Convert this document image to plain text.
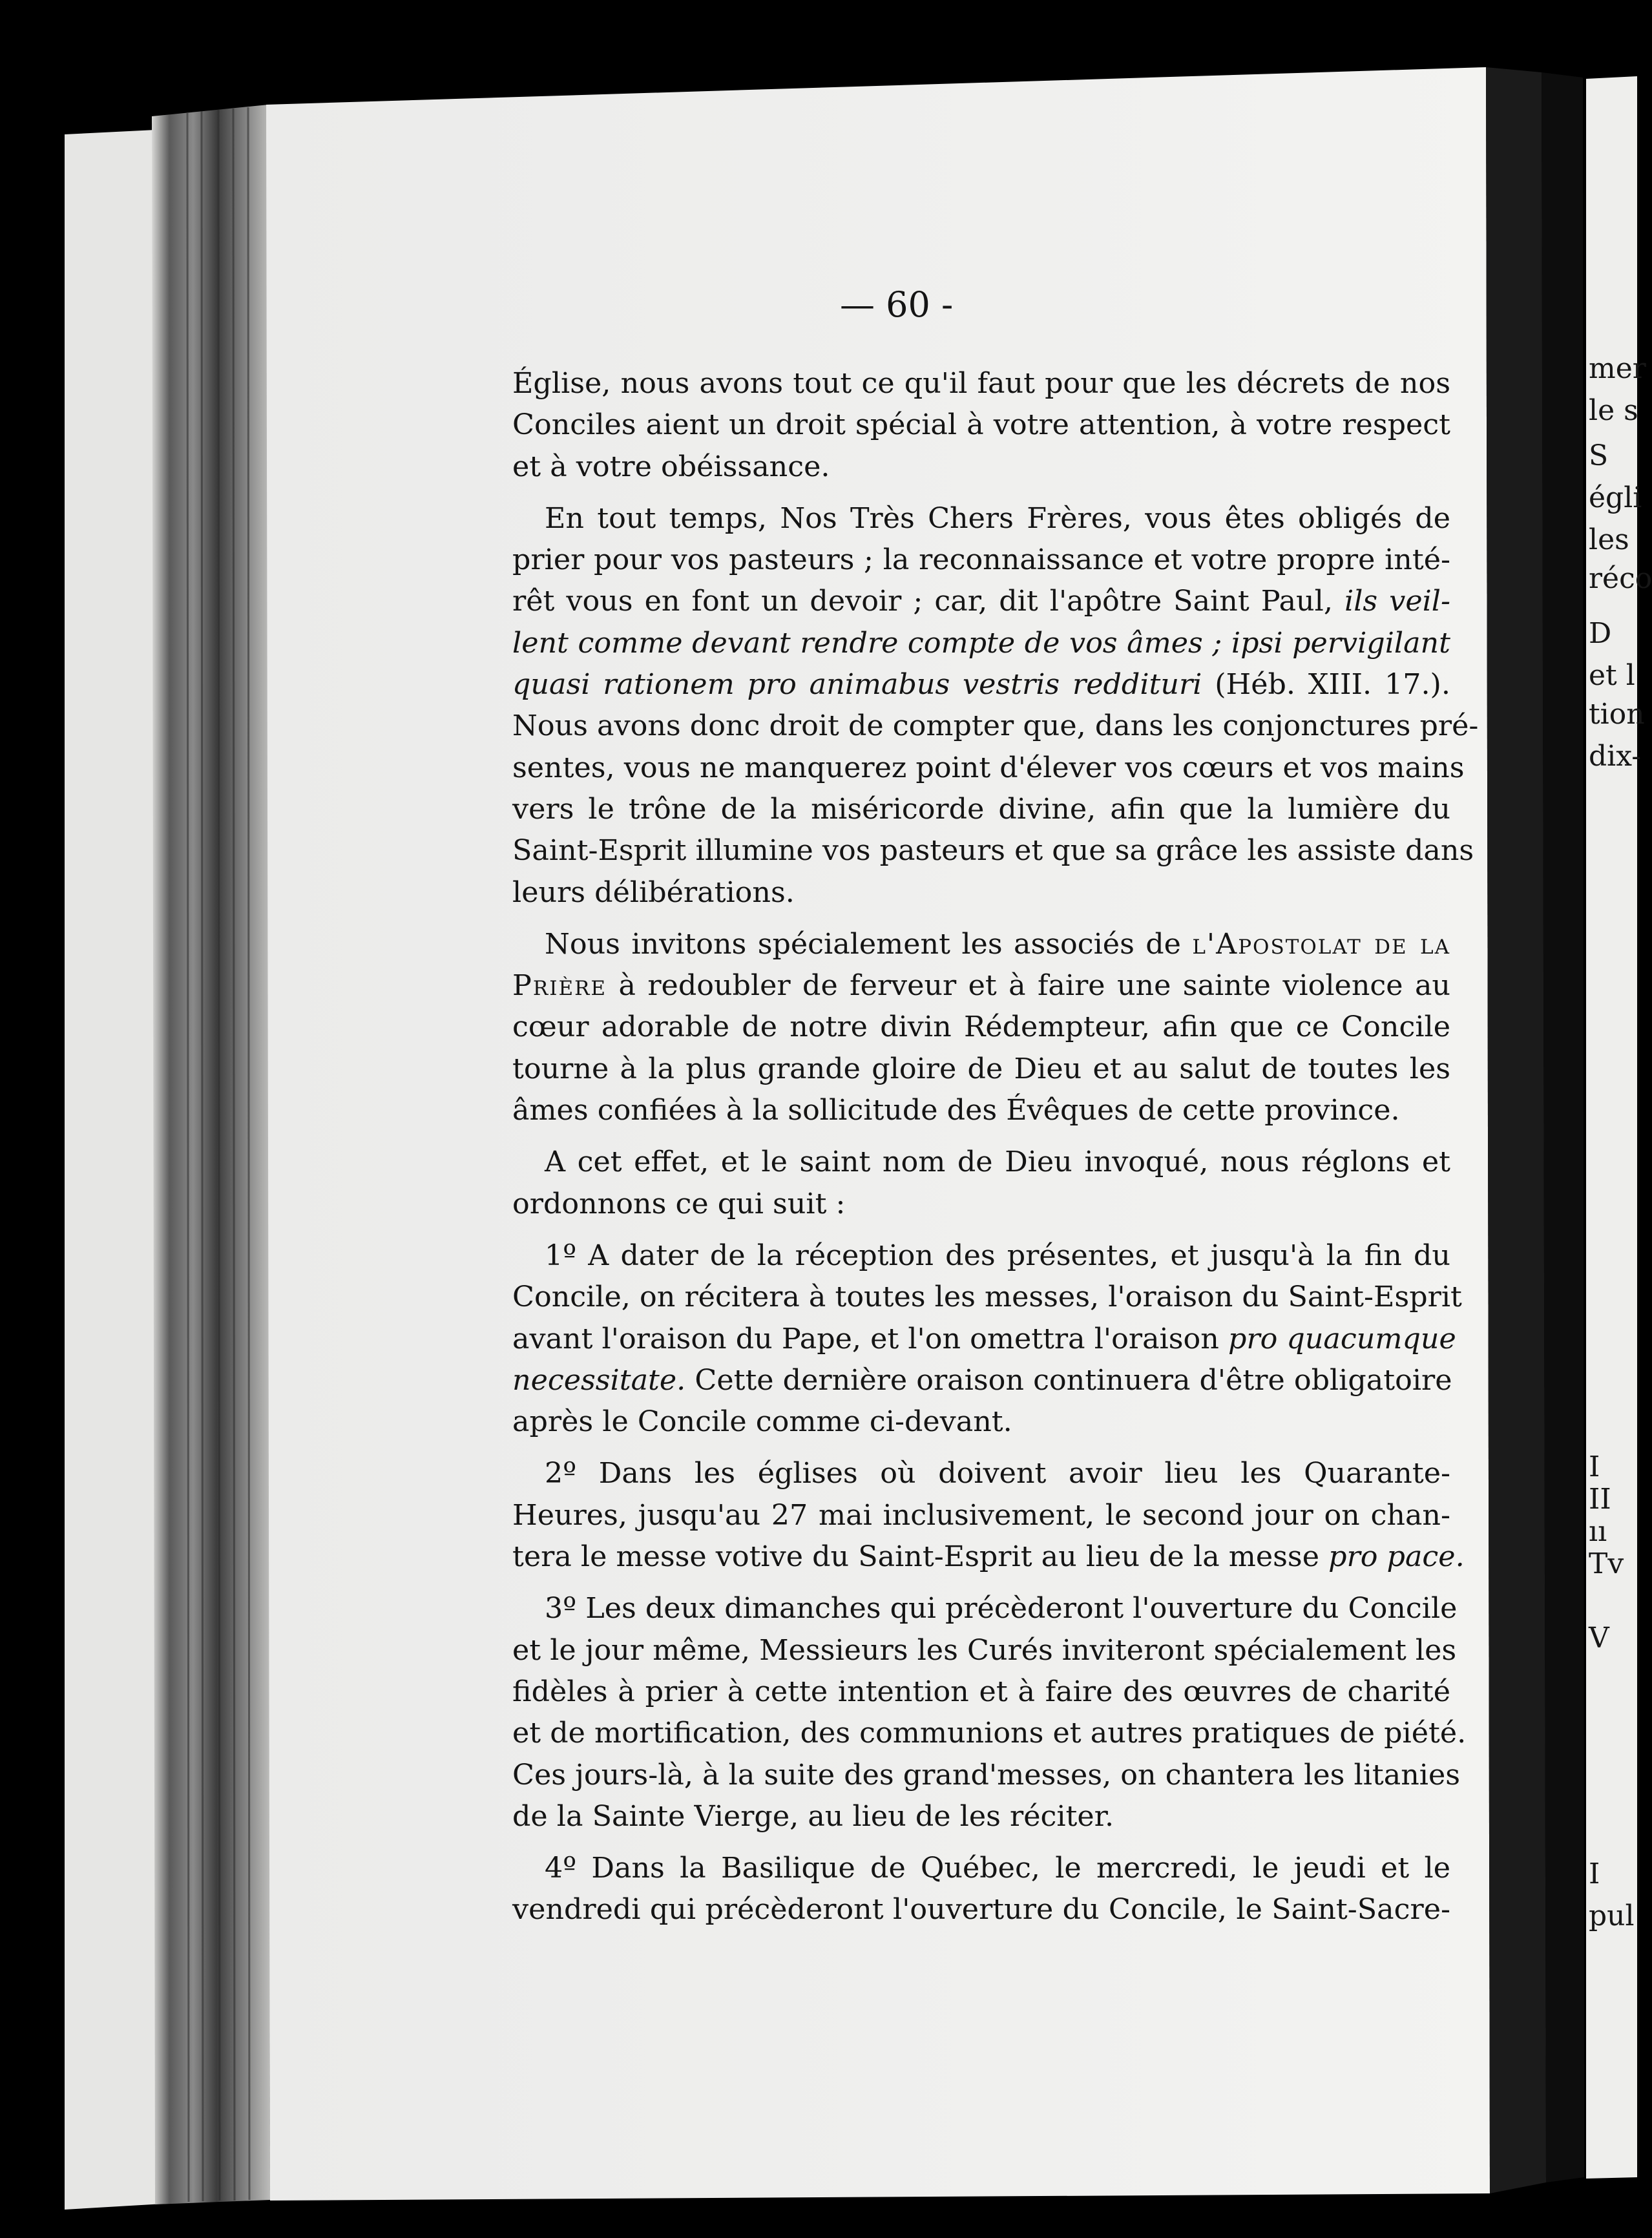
— 60 -
Église, nous avons tout ce qu'il faut pour que les décrets de nos
Conciles aient un droit spécial à votre attention, à votre respect
et à votre obéissance.
En tout temps, Nos Très Chers Frères, vous êtes obligés de
prier pour vos pasteurs ; la reconnaissance et votre propre inté-
rêt vous en font un devoir ; car, dit l'apôtre Saint Paul, ils veil-
lent comme devant rendre compte de vos âmes ; ipsi pervigilant
quasi rationem pro animabus vestris reddituri (Héb. XIII. 17.).
Nous avons donc droit de compter que, dans les conjonctures pré-
sentes, vous ne manquerez point d'élever vos cœurs et vos mains
vers le trône de la miséricorde divine, afin que la lumière du
Saint-Esprit illumine vos pasteurs et que sa grâce les assiste dans
leurs délibérations.
Nous invitons spécialement les associés de l'Apostolat de la
Prière à redoubler de ferveur et à faire une sainte violence au
cœur adorable de notre divin Rédempteur, afin que ce Concile
tourne à la plus grande gloire de Dieu et au salut de toutes les
âmes confiées à la sollicitude des Évêques de cette province.
A cet effet, et le saint nom de Dieu invoqué, nous réglons et
ordonnons ce qui suit :
1º A dater de la réception des présentes, et jusqu'à la fin du
Concile, on récitera à toutes les messes, l'oraison du Saint-Esprit
avant l'oraison du Pape, et l'on omettra l'oraison pro quacumque
necessitate. Cette dernière oraison continuera d'être obligatoire
après le Concile comme ci-devant.
2º Dans les églises où doivent avoir lieu les Quarante-
Heures, jusqu'au 27 mai inclusivement, le second jour on chan-
tera le messe votive du Saint-Esprit au lieu de la messe pro pace.
3º Les deux dimanches qui précèderont l'ouverture du Concile
et le jour même, Messieurs les Curés inviteront spécialement les
fidèles à prier à cette intention et à faire des œuvres de charité
et de mortification, des communions et autres pratiques de piété.
Ces jours-là, à la suite des grand'messes, on chantera les litanies
de la Sainte Vierge, au lieu de les réciter.
4º Dans la Basilique de Québec, le mercredi, le jeudi et le
vendredi qui précèderont l'ouverture du Concile, le Saint-Sacre-
mer
le s
S
égli
les
réco
D
et l
tion
dix-
I
II
ıı
Tv
V
I
pul
